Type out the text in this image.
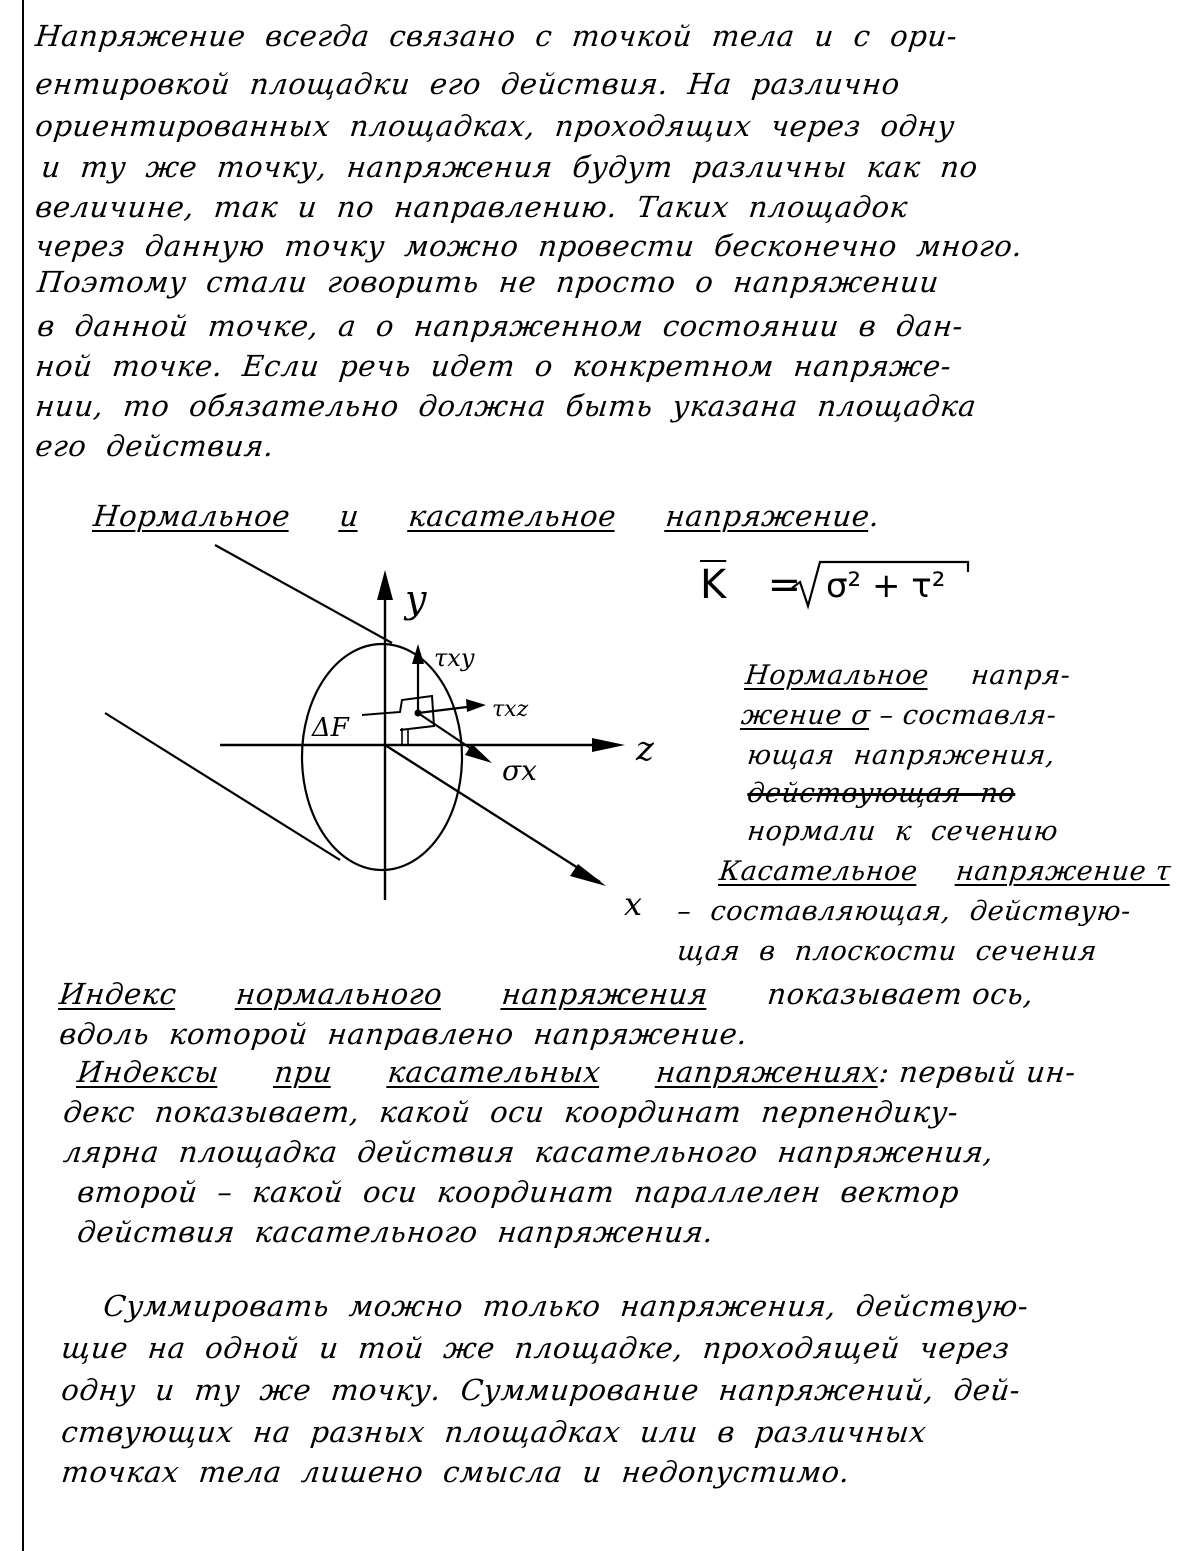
Напряжение всегда связано с точкой тела и с ори-
ентировкой площадки его действия. На различно
ориентированных площадках, проходящих через одну
и ту же точку, напряжения будут различны как по
величине, так и по направлению. Таких площадок
через данную точку можно провести бесконечно много.
Поэтому стали говорить не просто о напряжении
в данной точке, а о напряженном состоянии в дан-
ной точке. Если речь идет о конкретном напряже-
нии, то обязательно должна быть указана площадка
его действия.
Нормальное и касательное напряжение.
$\overline{K} = \sigma^2 + \tau^2$
y
z
x
τxy
τxz
σx
ΔF
Нормальное напря-
жение σ – составля-
ющая напряжения,
действующая по
нормали к сечению
Касательное напряжение τ
– составляющая, действую-
щая в плоскости сечения
Индекс нормального напряжения показывает ось,
вдоль которой направлено напряжение.
Индексы при касательных напряжениях: первый ин-
декс показывает, какой оси координат перпендику-
лярна площадка действия касательного напряжения,
второй – какой оси координат параллелен вектор
действия касательного напряжения.
Суммировать можно только напряжения, действую-
щие на одной и той же площадке, проходящей через
одну и ту же точку. Суммирование напряжений, дей-
ствующих на разных площадках или в различных
точках тела лишено смысла и недопустимо.
